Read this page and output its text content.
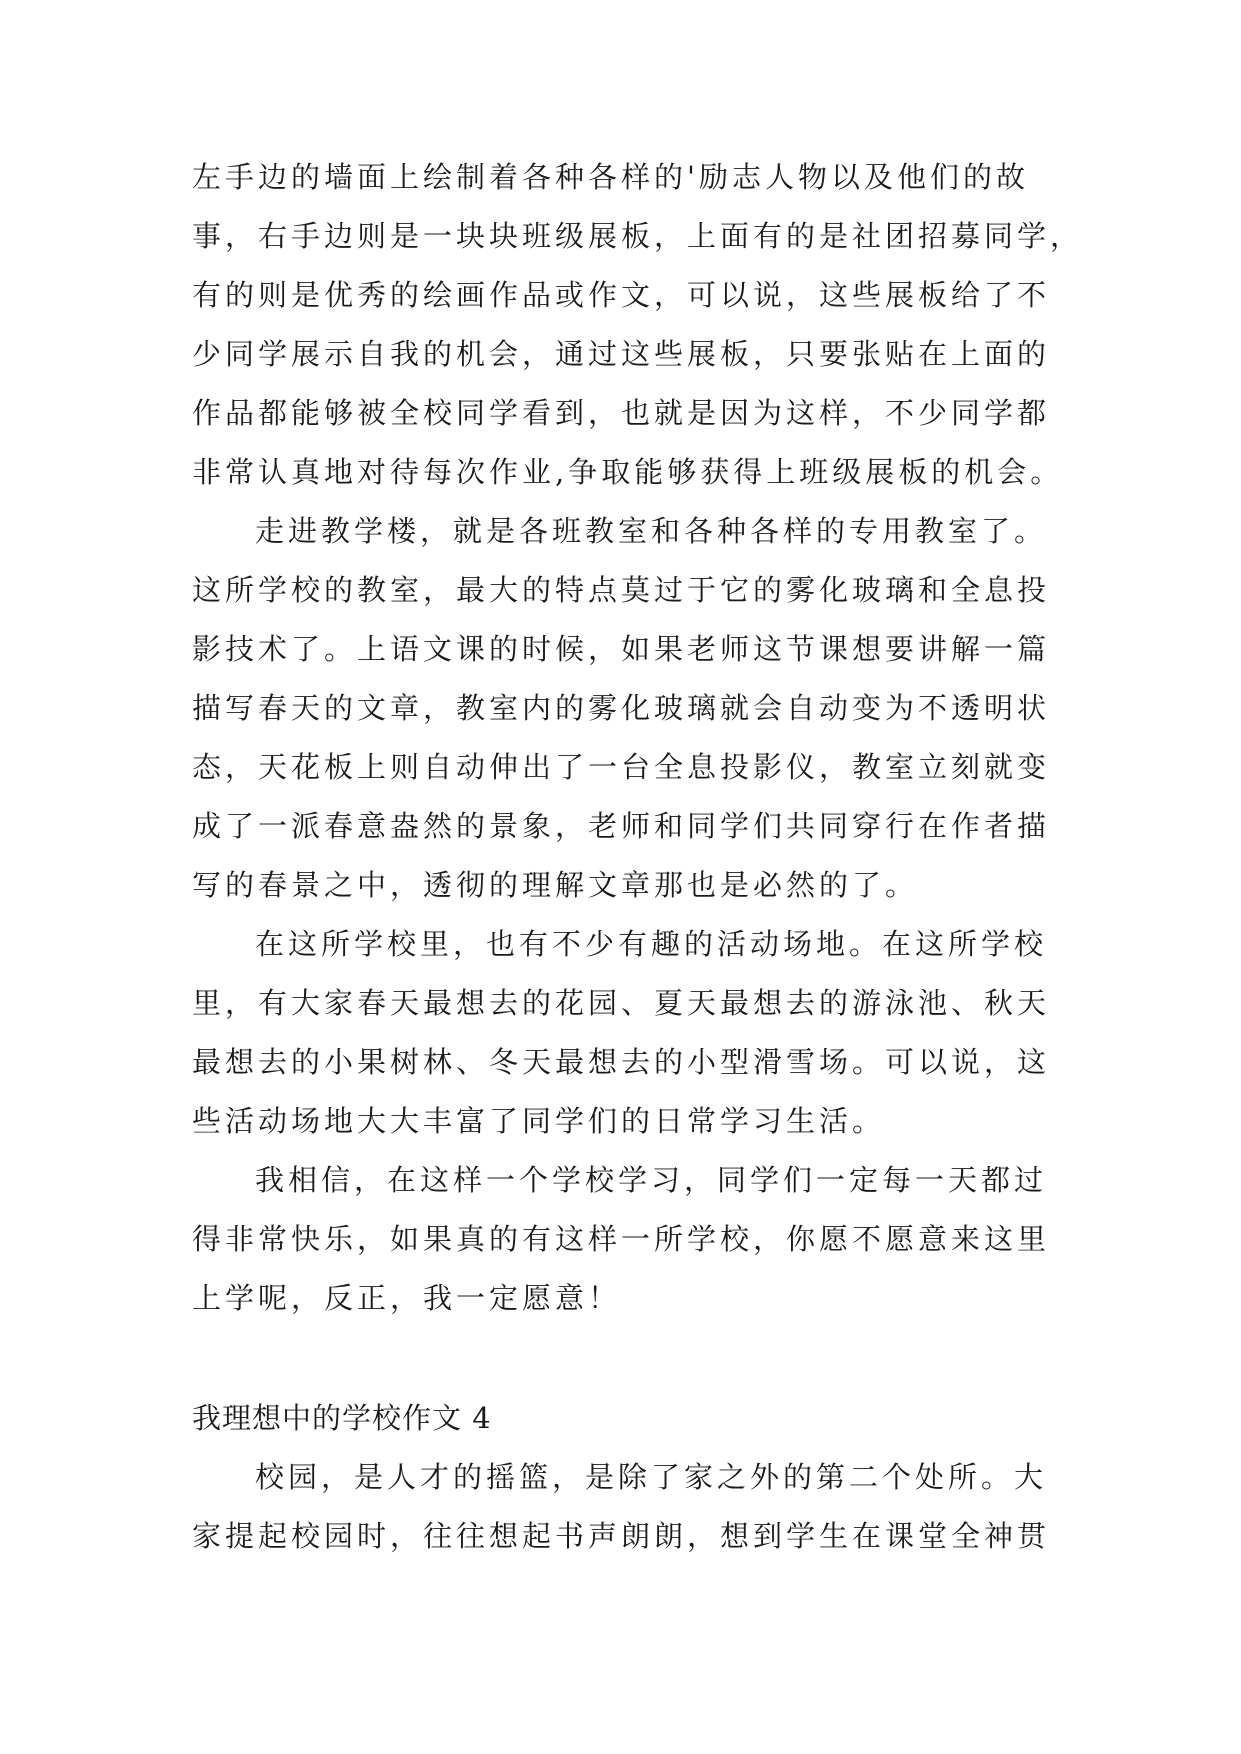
左手边的墙面上绘制着各种各样的'励志人物以及他们的故
事，右手边则是一块块班级展板，上面有的是社团招募同学，
有的则是优秀的绘画作品或作文，可以说，这些展板给了不
少同学展示自我的机会，通过这些展板，只要张贴在上面的
作品都能够被全校同学看到，也就是因为这样，不少同学都
非常认真地对待每次作业,争取能够获得上班级展板的机会。
走进教学楼，就是各班教室和各种各样的专用教室了。
这所学校的教室，最大的特点莫过于它的雾化玻璃和全息投
影技术了。上语文课的时候，如果老师这节课想要讲解一篇
描写春天的文章，教室内的雾化玻璃就会自动变为不透明状
态，天花板上则自动伸出了一台全息投影仪，教室立刻就变
成了一派春意盎然的景象，老师和同学们共同穿行在作者描
写的春景之中，透彻的理解文章那也是必然的了。
在这所学校里，也有不少有趣的活动场地。在这所学校
里，有大家春天最想去的花园、夏天最想去的游泳池、秋天
最想去的小果树林、冬天最想去的小型滑雪场。可以说，这
些活动场地大大丰富了同学们的日常学习生活。
我相信，在这样一个学校学习，同学们一定每一天都过
得非常快乐，如果真的有这样一所学校，你愿不愿意来这里
上学呢，反正，我一定愿意！
我理想中的学校作文 4
校园，是人才的摇篮，是除了家之外的第二个处所。大
家提起校园时，往往想起书声朗朗，想到学生在课堂全神贯
